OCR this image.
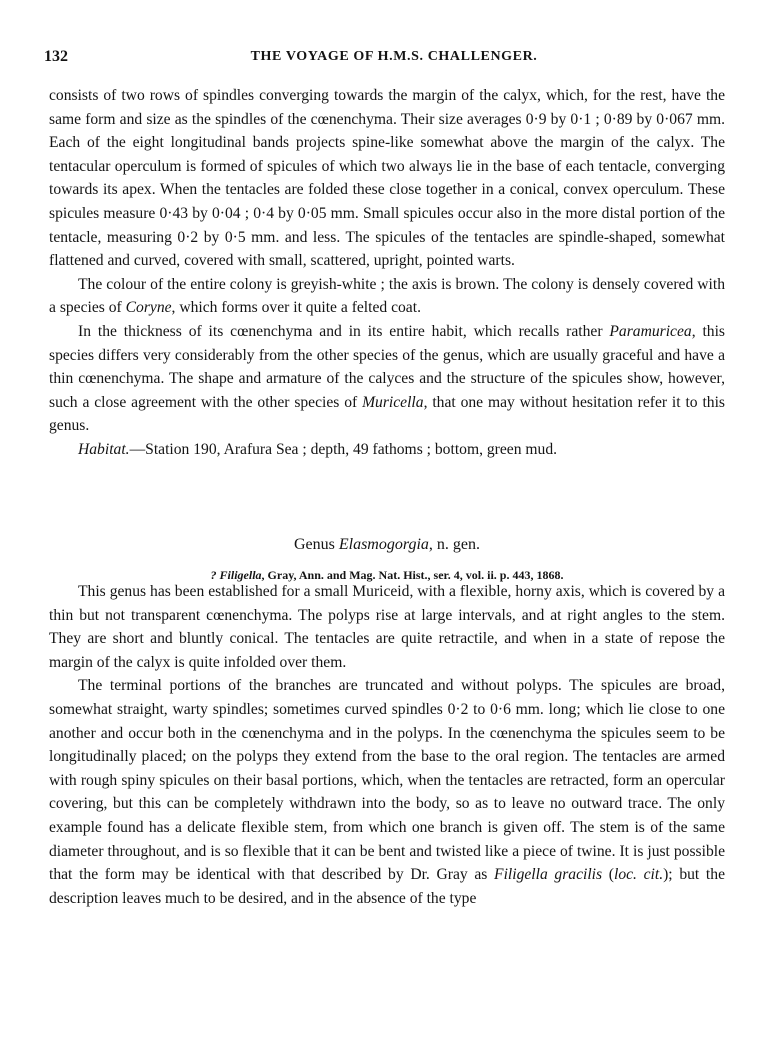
132	THE VOYAGE OF H.M.S. CHALLENGER.

consists of two rows of spindles converging towards the margin of the calyx, which, for the rest, have the same form and size as the spindles of the cœnenchyma. Their size averages 0·9 by 0·1 ; 0·89 by 0·067 mm. Each of the eight longitudinal bands projects spine-like somewhat above the margin of the calyx. The tentacular operculum is formed of spicules of which two always lie in the base of each tentacle, converging towards its apex. When the tentacles are folded these close together in a conical, convex operculum. These spicules measure 0·43 by 0·04 ; 0·4 by 0·05 mm. Small spicules occur also in the more distal portion of the tentacle, measuring 0·2 by 0·5 mm. and less. The spicules of the tentacles are spindle-shaped, somewhat flattened and curved, covered with small, scattered, upright, pointed warts.

The colour of the entire colony is greyish-white ; the axis is brown. The colony is densely covered with a species of Coryne, which forms over it quite a felted coat.

In the thickness of its cœnenchyma and in its entire habit, which recalls rather Paramuricea, this species differs very considerably from the other species of the genus, which are usually graceful and have a thin cœnenchyma. The shape and armature of the calyces and the structure of the spicules show, however, such a close agreement with the other species of Muricella, that one may without hesitation refer it to this genus.

Habitat.—Station 190, Arafura Sea ; depth, 49 fathoms ; bottom, green mud.

Genus Elasmogorgia, n. gen.
? Filigella, Gray, Ann. and Mag. Nat. Hist., ser. 4, vol. ii. p. 443, 1868.

This genus has been established for a small Muriceid, with a flexible, horny axis, which is covered by a thin but not transparent cœnenchyma. The polyps rise at large intervals, and at right angles to the stem. They are short and bluntly conical. The tentacles are quite retractile, and when in a state of repose the margin of the calyx is quite infolded over them.

The terminal portions of the branches are truncated and without polyps. The spicules are broad, somewhat straight, warty spindles; sometimes curved spindles 0·2 to 0·6 mm. long; which lie close to one another and occur both in the cœnenchyma and in the polyps. In the cœnenchyma the spicules seem to be longitudinally placed; on the polyps they extend from the base to the oral region. The tentacles are armed with rough spiny spicules on their basal portions, which, when the tentacles are retracted, form an opercular covering, but this can be completely withdrawn into the body, so as to leave no outward trace. The only example found has a delicate flexible stem, from which one branch is given off. The stem is of the same diameter throughout, and is so flexible that it can be bent and twisted like a piece of twine. It is just possible that the form may be identical with that described by Dr. Gray as Filigella gracilis (loc. cit.); but the description leaves much to be desired, and in the absence of the type
